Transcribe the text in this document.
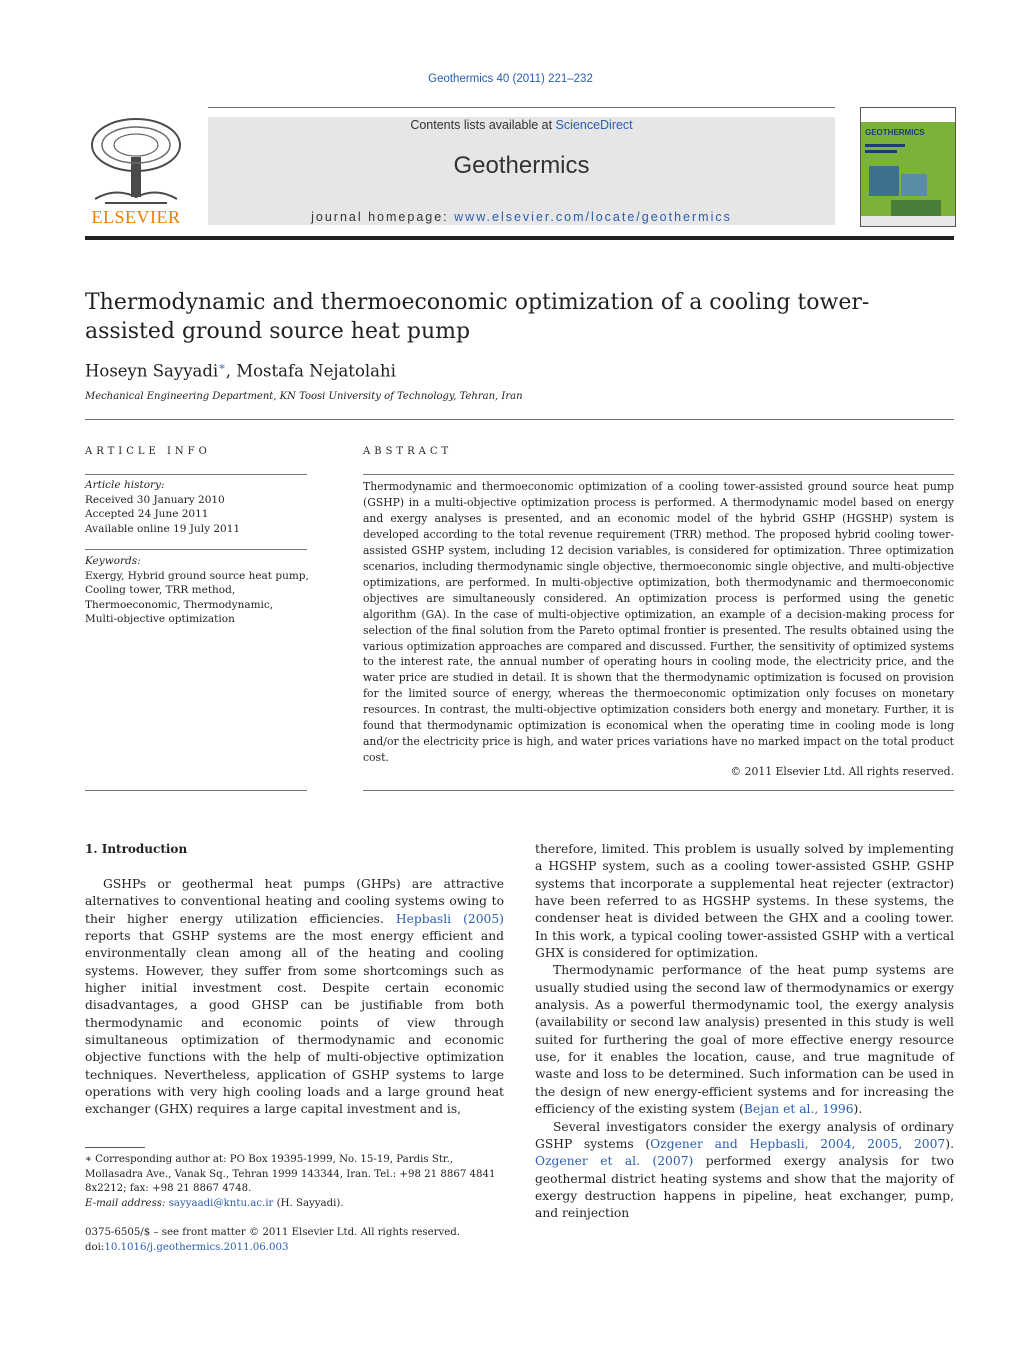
Geothermics 40 (2011) 221–232
ELSEVIER
Contents lists available at ScienceDirect
Geothermics
journal homepage: www.elsevier.com/locate/geothermics
GEOTHERMICS
Thermodynamic and thermoeconomic optimization of a cooling tower-assisted ground source heat pump
Hoseyn Sayyadi∗, Mostafa Nejatolahi
Mechanical Engineering Department, KN Toosi University of Technology, Tehran, Iran
ARTICLE INFO
Article history:
Received 30 January 2010
Accepted 24 June 2011
Available online 19 July 2011
Keywords:
Exergy, Hybrid ground source heat pump,
Cooling tower, TRR method,
Thermoeconomic, Thermodynamic,
Multi-objective optimization
ABSTRACT
Thermodynamic and thermoeconomic optimization of a cooling tower-assisted ground source heat pump (GSHP) in a multi-objective optimization process is performed. A thermodynamic model based on energy and exergy analyses is presented, and an economic model of the hybrid GSHP (HGSHP) system is developed according to the total revenue requirement (TRR) method. The proposed hybrid cooling tower-assisted GSHP system, including 12 decision variables, is considered for optimization. Three optimization scenarios, including thermodynamic single objective, thermoeconomic single objective, and multi-objective optimizations, are performed. In multi-objective optimization, both thermodynamic and thermoeconomic objectives are simultaneously considered. An optimization process is performed using the genetic algorithm (GA). In the case of multi-objective optimization, an example of a decision-making process for selection of the final solution from the Pareto optimal frontier is presented. The results obtained using the various optimization approaches are compared and discussed. Further, the sensitivity of optimized systems to the interest rate, the annual number of operating hours in cooling mode, the electricity price, and the water price are studied in detail. It is shown that the thermodynamic optimization is focused on provision for the limited source of energy, whereas the thermoeconomic optimization only focuses on monetary resources. In contrast, the multi-objective optimization considers both energy and monetary. Further, it is found that thermodynamic optimization is economical when the operating time in cooling mode is long and/or the electricity price is high, and water prices variations have no marked impact on the total product cost.
© 2011 Elsevier Ltd. All rights reserved.
1. Introduction

GSHPs or geothermal heat pumps (GHPs) are attractive alternatives to conventional heating and cooling systems owing to their higher energy utilization efficiencies. Hepbasli (2005) reports that GSHP systems are the most energy efficient and environmentally clean among all of the heating and cooling systems. However, they suffer from some shortcomings such as higher initial investment cost. Despite certain economic disadvantages, a good GHSP can be justifiable from both thermodynamic and economic points of view through simultaneous optimization of thermodynamic and economic objective functions with the help of multi-objective optimization techniques. Nevertheless, application of GSHP systems to large operations with very high cooling loads and a large ground heat exchanger (GHX) requires a large capital investment and is,

therefore, limited. This problem is usually solved by implementing a HGSHP system, such as a cooling tower-assisted GSHP. GSHP systems that incorporate a supplemental heat rejecter (extractor) have been referred to as HGSHP systems. In these systems, the condenser heat is divided between the GHX and a cooling tower. In this work, a typical cooling tower-assisted GSHP with a vertical GHX is considered for optimization.

Thermodynamic performance of the heat pump systems are usually studied using the second law of thermodynamics or exergy analysis. As a powerful thermodynamic tool, the exergy analysis (availability or second law analysis) presented in this study is well suited for furthering the goal of more effective energy resource use, for it enables the location, cause, and true magnitude of waste and loss to be determined. Such information can be used in the design of new energy-efficient systems and for increasing the efficiency of the existing system (Bejan et al., 1996).

Several investigators consider the exergy analysis of ordinary GSHP systems (Ozgener and Hepbasli, 2004, 2005, 2007). Ozgener et al. (2007) performed exergy analysis for two geothermal district heating systems and show that the majority of exergy destruction happens in pipeline, heat exchanger, pump, and reinjection

∗ Corresponding author at: PO Box 19395-1999, No. 15-19, Pardis Str., Mollasadra Ave., Vanak Sq., Tehran 1999 143344, Iran. Tel.: +98 21 8867 4841 8x2212; fax: +98 21 8867 4748.

E-mail address: sayyaadi@kntu.ac.ir (H. Sayyadi).

0375-6505/$ – see front matter © 2011 Elsevier Ltd. All rights reserved.
doi:10.1016/j.geothermics.2011.06.003
